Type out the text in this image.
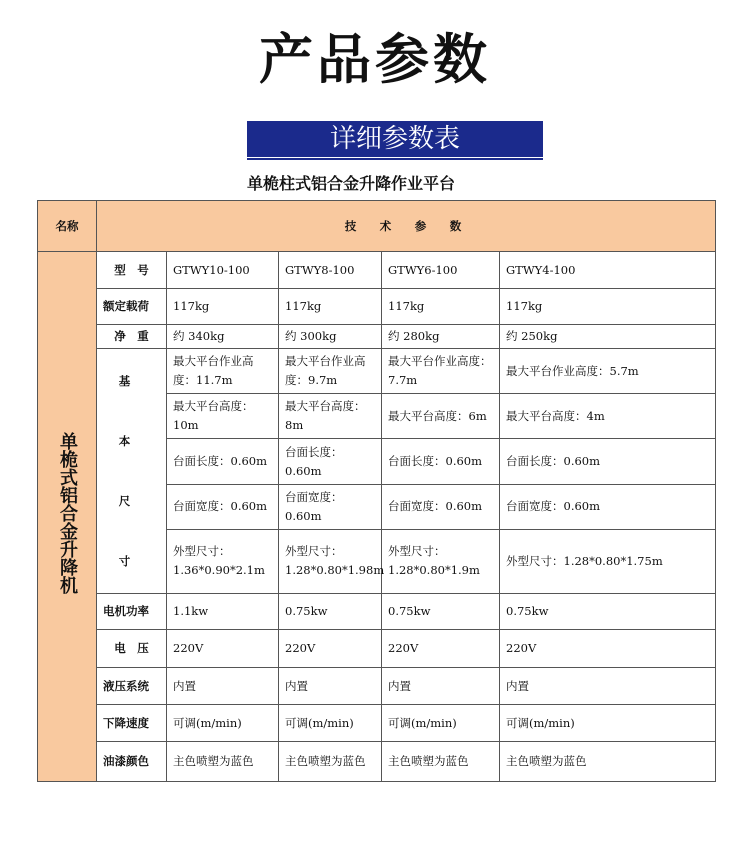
产品参数
详细参数表
单桅柱式铝合金升降作业平台
名称	技　术　参　数				
单桅式铝合金升降机	型　号	GTWY10-100	GTWY8-100	GTWY6-100	GTWY4-100
	额定载荷	117kg	117kg	117kg	117kg
	净　重	约 340kg	约 300kg	约 280kg	约 250kg
	基　本　尺　寸	最大平台作业高度：11.7m	最大平台作业高度：9.7m	最大平台作业高度：7.7m	最大平台作业高度：5.7m
		最大平台高度：10m	最大平台高度：8m	最大平台高度：6m	最大平台高度：4m
		台面长度：0.60m	台面长度：0.60m	台面长度：0.60m	台面长度：0.60m
		台面宽度：0.60m	台面宽度：0.60m	台面宽度：0.60m	台面宽度：0.60m
		外型尺寸：1.36*0.90*2.1m	外型尺寸：1.28*0.80*1.98m	外型尺寸：1.28*0.80*1.9m	外型尺寸：1.28*0.80*1.75m
	电机功率	1.1kw	0.75kw	0.75kw	0.75kw
	电　压	220V	220V	220V	220V
	液压系统	内置	内置	内置	内置
	下降速度	可调(m/min)	可调(m/min)	可调(m/min)	可调(m/min)
	油漆颜色	主色喷塑为蓝色	主色喷塑为蓝色	主色喷塑为蓝色	主色喷塑为蓝色
